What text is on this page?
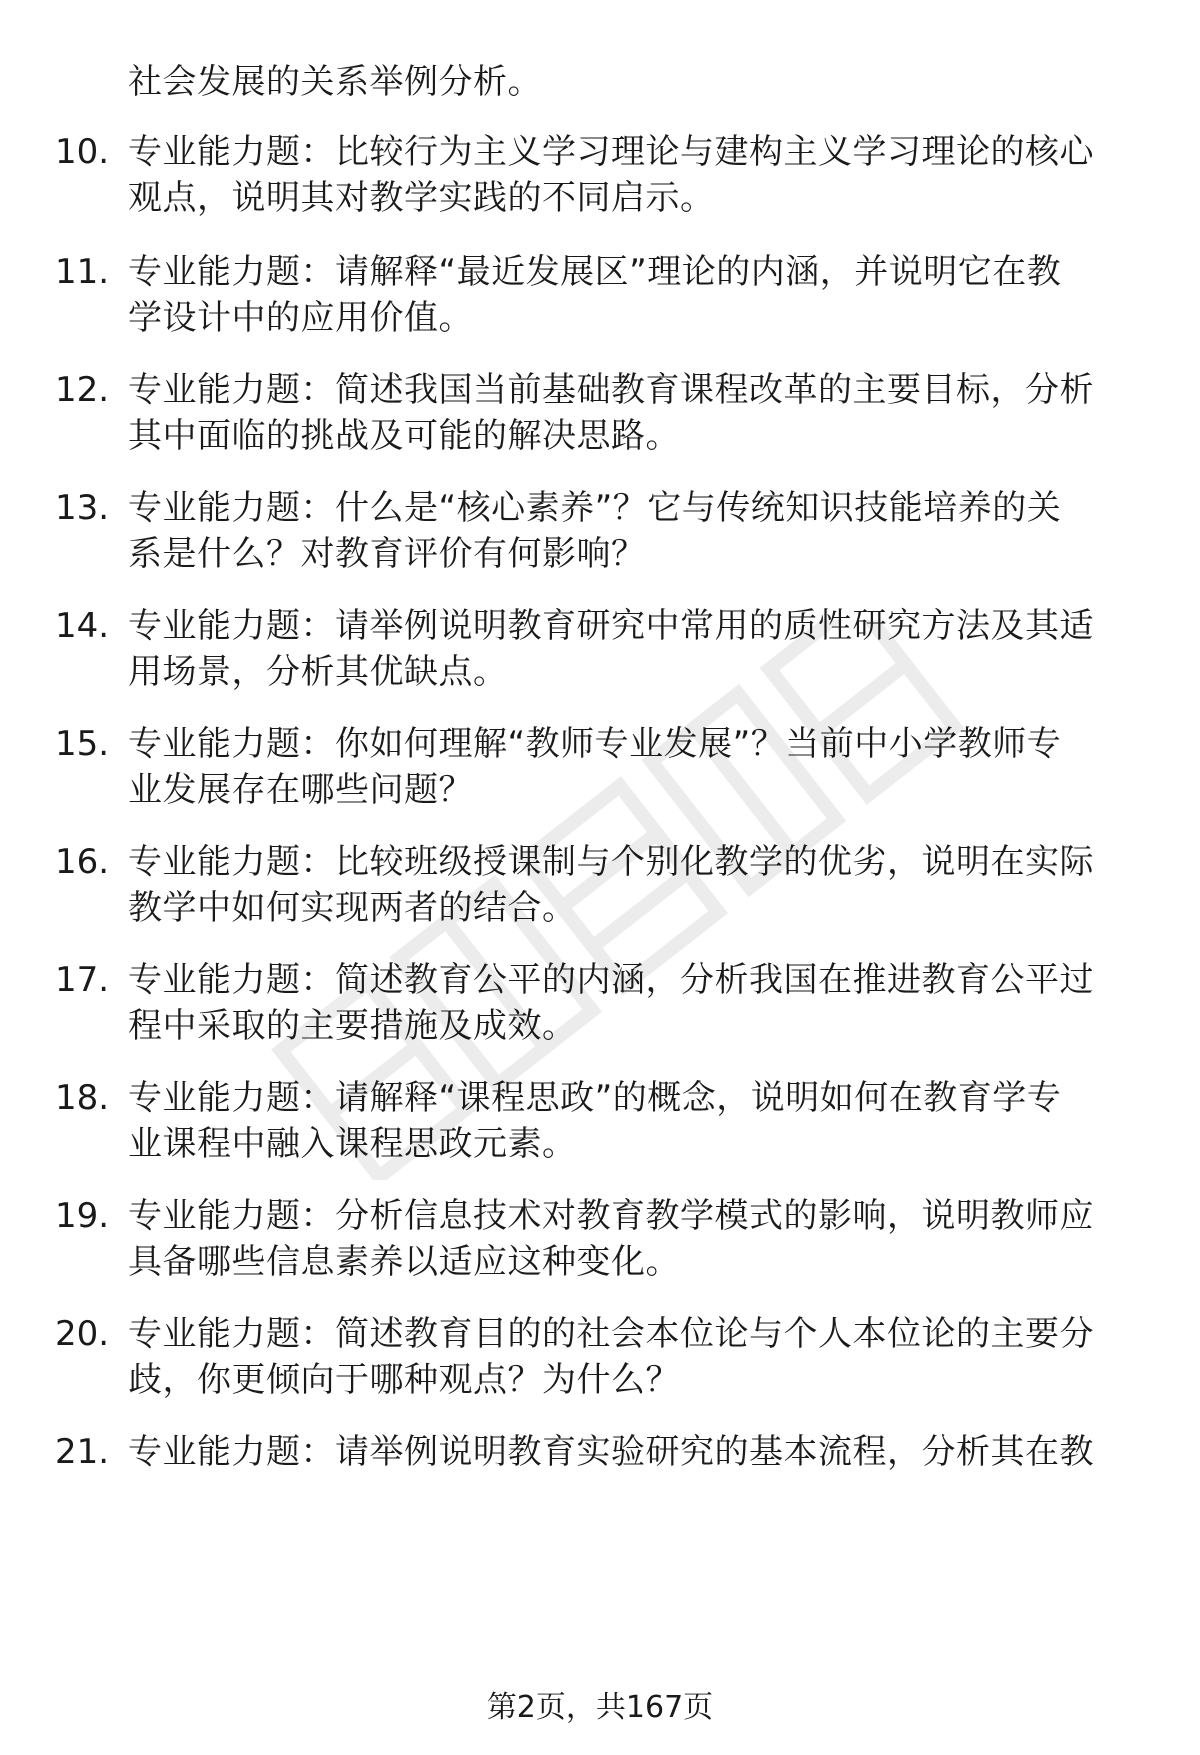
社会发展的关系举例分析。
10. 专业能力题：比较行为主义学习理论与建构主义学习理论的核心
观点，说明其对教学实践的不同启示。
11. 专业能力题：请解释“最近发展区”理论的内涵，并说明它在教
学设计中的应用价值。
12. 专业能力题：简述我国当前基础教育课程改革的主要目标，分析
其中面临的挑战及可能的解决思路。
13. 专业能力题：什么是“核心素养”？它与传统知识技能培养的关
系是什么？对教育评价有何影响？
14. 专业能力题：请举例说明教育研究中常用的质性研究方法及其适
用场景，分析其优缺点。
15. 专业能力题：你如何理解“教师专业发展”？当前中小学教师专
业发展存在哪些问题？
16. 专业能力题：比较班级授课制与个别化教学的优劣，说明在实际
教学中如何实现两者的结合。
17. 专业能力题：简述教育公平的内涵，分析我国在推进教育公平过
程中采取的主要措施及成效。
18. 专业能力题：请解释“课程思政”的概念，说明如何在教育学专
业课程中融入课程思政元素。
19. 专业能力题：分析信息技术对教育教学模式的影响，说明教师应
具备哪些信息素养以适应这种变化。
20. 专业能力题：简述教育目的的社会本位论与个人本位论的主要分
歧，你更倾向于哪种观点？为什么？
21. 专业能力题：请举例说明教育实验研究的基本流程，分析其在教
第2页，共167页
